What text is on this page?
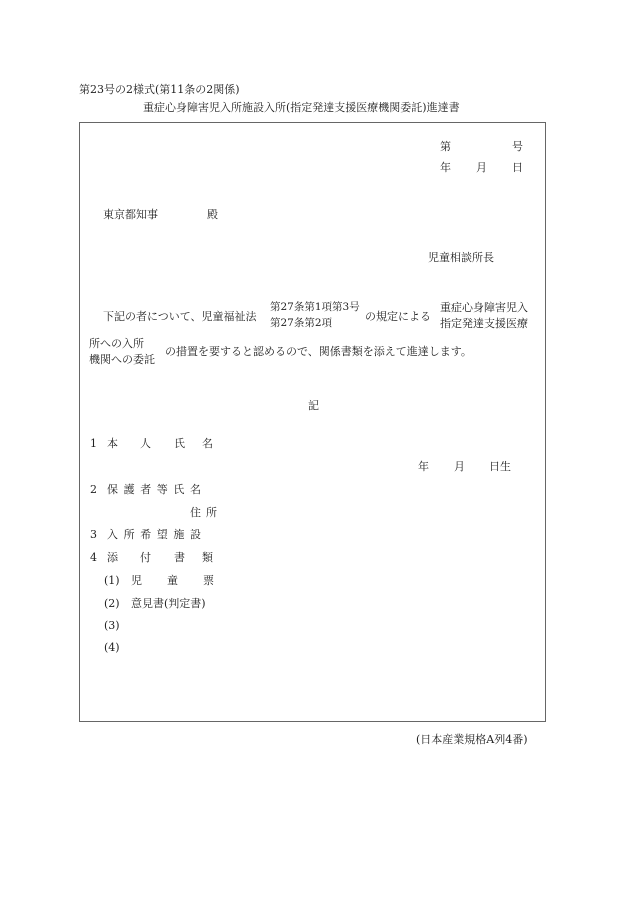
第23号の2様式(第11条の2関係)
重症心身障害児入所施設入所(指定発達支援医療機関委託)進達書
第	号
年 月 日
東京都知事	殿
児童相談所長
下記の者について、児童福祉法
第27条第1項第3号
第27条第2項	の規定による
重症心身障害児入
指定発達支援医療
所への入所
機関への委託
の措置を要すると認めるので、関係書類を添えて進達します。
記
1 本 人 氏 名
年 月 日生
2 保護者等氏名
住所
3 入所希望施設
4 添 付 書 類
(1) 児 童 票
(2) 意見書(判定書)
(3)
(4)
(日本産業規格A列4番)
